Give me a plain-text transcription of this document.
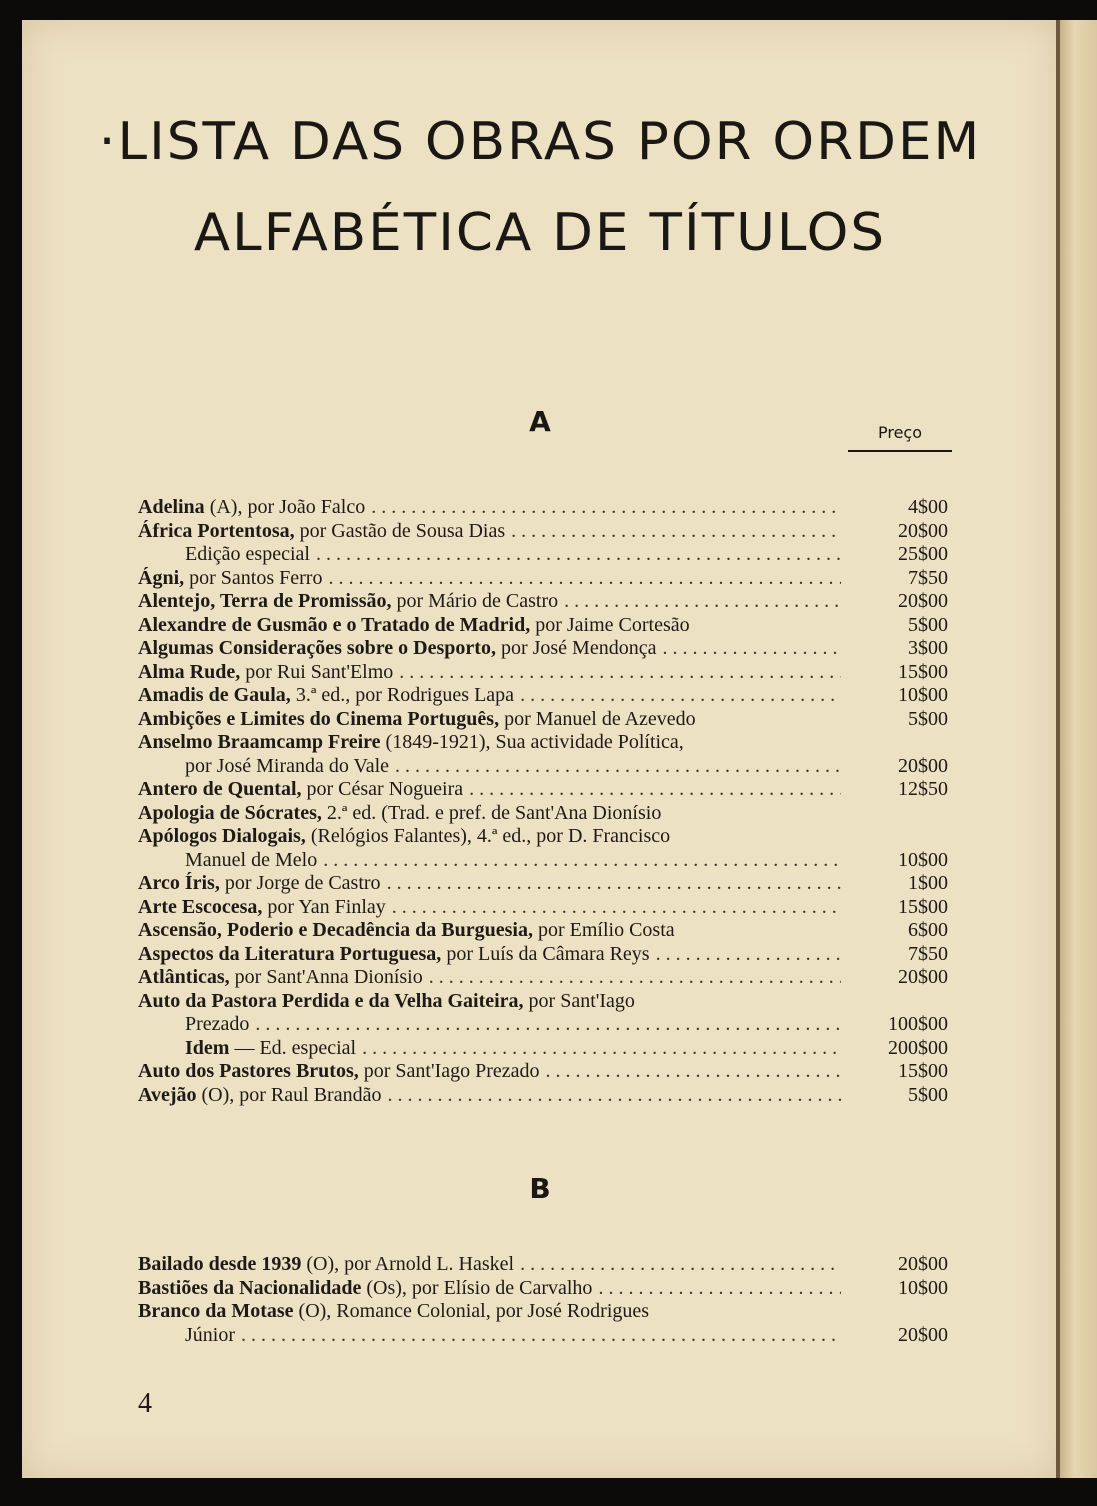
·LISTA DAS OBRAS POR ORDEM
ALFABÉTICA DE TÍTULOS
A	Preço
Adelina (A), por João Falco . . .	4$00
África Portentosa, por Gastão de Sousa Dias . . .	20$00
Edição especial . . .	25$00
Ágni, por Santos Ferro . . .	7$50
Alentejo, Terra de Promissão, por Mário de Castro . . .	20$00
Alexandre de Gusmão e o Tratado de Madrid, por Jaime Cortesão	5$00
Algumas Considerações sobre o Desporto, por José Mendonça . . .	3$00
Alma Rude, por Rui Sant'Elmo . . .	15$00
Amadis de Gaula, 3.ª ed., por Rodrigues Lapa . . .	10$00
Ambições e Limites do Cinema Português, por Manuel de Azevedo	5$00
Anselmo Braamcamp Freire (1849-1921), Sua actividade Política,
por José Miranda do Vale . . .	20$00
Antero de Quental, por César Nogueira . . .	12$50
Apologia de Sócrates, 2.ª ed. (Trad. e pref. de Sant'Ana Dionísio
Apólogos Dialogais, (Relógios Falantes), 4.ª ed., por D. Francisco
Manuel de Melo . . .	10$00
Arco Íris, por Jorge de Castro . . .	1$00
Arte Escocesa, por Yan Finlay . . .	15$00
Ascensão, Poderio e Decadência da Burguesia, por Emílio Costa	6$00
Aspectos da Literatura Portuguesa, por Luís da Câmara Reys . . .	7$50
Atlânticas, por Sant'Anna Dionísio . . .	20$00
Auto da Pastora Perdida e da Velha Gaiteira, por Sant'Iago
Prezado . . .	100$00
Idem — Ed. especial . . .	200$00
Auto dos Pastores Brutos, por Sant'Iago Prezado . . .	15$00
Avejão (O), por Raul Brandão . . .	5$00
B
Bailado desde 1939 (O), por Arnold L. Haskel . . .	20$00
Bastiões da Nacionalidade (Os), por Elísio de Carvalho . . .	10$00
Branco da Motase (O), Romance Colonial, por José Rodrigues
Júnior . . .	20$00
4
